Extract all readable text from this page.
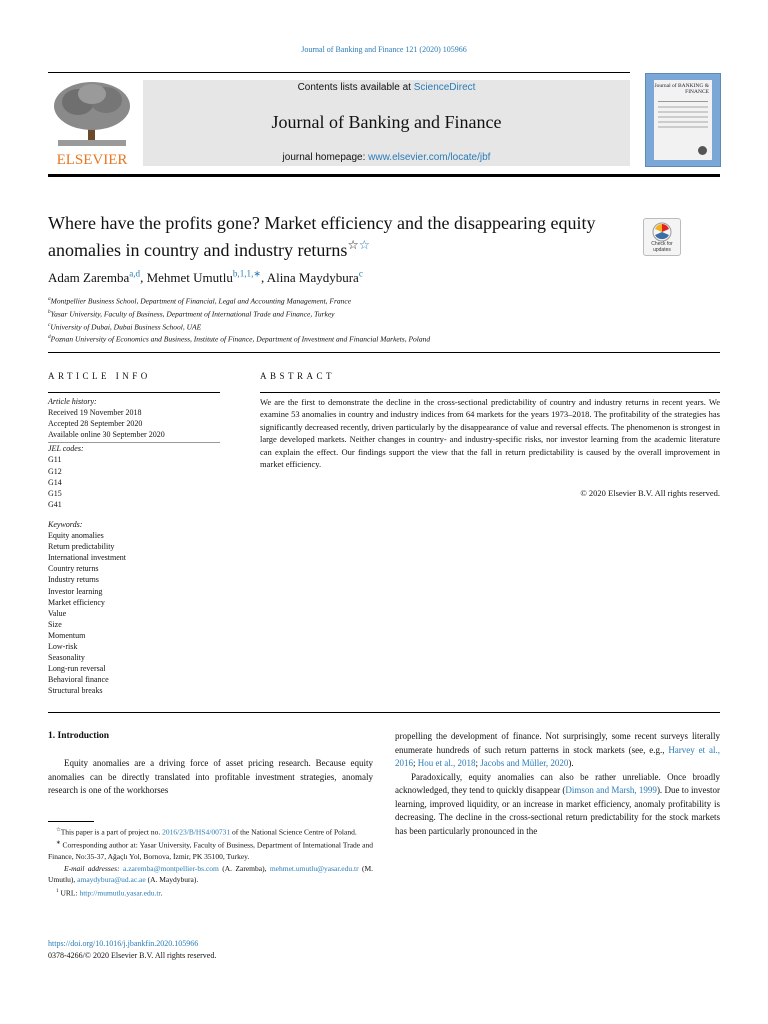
Journal of Banking and Finance 121 (2020) 105966
ELSEVIER
Contents lists available at ScienceDirect
Journal of Banking and Finance
journal homepage: www.elsevier.com/locate/jbf
Journal of BANKING & FINANCE
Where have the profits gone? Market efficiency and the disappearing equity anomalies in country and industry returns☆☆	Check for updates
Adam Zaremba$^{a,d}$, Mehmet Umutlu$^{b,1,1,∗}$, Alina Maydybura$^c$
$^a$Montpellier Business School, Department of Financial, Legal and Accounting Management, France
$^b$Yasar University, Faculty of Business, Department of International Trade and Finance, Turkey
$^c$University of Dubai, Dubai Business School, UAE
$^d$Poznan University of Economics and Business, Institute of Finance, Department of Investment and Financial Markets, Poland
ARTICLE INFO	ABSTRACT
Article history:
Received 19 November 2018
Accepted 28 September 2020
Available online 30 September 2020
JEL codes:
G11
G12
G14
G15
G41
Keywords:
Equity anomalies
Return predictability
International investment
Country returns
Industry returns
Investor learning
Market efficiency
Value
Size
Momentum
Low-risk
Seasonality
Long-run reversal
Behavioral finance
Structural breaks
We are the first to demonstrate the decline in the cross-sectional predictability of country and industry returns in recent years. We examine 53 anomalies in country and industry indices from 64 markets for the years 1973–2018. The profitability of the strategies has significantly decreased recently, driven particularly by the disappearance of value and reversal effects. The phenomenon is strongest in large developed markets. Neither changes in country- and industry-specific risks, nor investor learning from the academic literature can explain the effect. Our findings support the view that the fall in return predictability is caused by the overall improvement in market efficiency.
© 2020 Elsevier B.V. All rights reserved.
1. Introduction
Equity anomalies are a driving force of asset pricing research. Because equity anomalies can be directly translated into profitable investment strategies, anomaly research is one of the workhorses

propelling the development of finance. Not surprisingly, some recent surveys literally enumerate hundreds of such return patterns in stock markets (see, e.g., Harvey et al., 2016; Hou et al., 2018; Jacobs and Müller, 2020).

Paradoxically, equity anomalies can also be rather unreliable. Once broadly acknowledged, they tend to quickly disappear (Dimson and Marsh, 1999). Due to investor learning, improved liquidity, or an increase in market efficiency, anomaly profitability is decreasing. The decline in the cross-sectional return predictability for the stock markets has been particularly pronounced in the

☆This paper is a part of project no. 2016/23/B/HS4/00731 of the National Science Centre of Poland.

∗ Corresponding author at: Yasar University, Faculty of Business, Department of International Trade and Finance, No:35-37, Ağaçlı Yol, Bornova, İzmir, PK 35100, Turkey.

E-mail addresses: a.zaremba@montpellier-bs.com (A. Zaremba), mehmet.umutlu@yasar.edu.tr (M. Umutlu), amaydybura@ud.ac.ae (A. Maydybura).

$^1$ URL: http://mumutlu.yasar.edu.tr.

https://doi.org/10.1016/j.jbankfin.2020.105966
0378-4266/© 2020 Elsevier B.V. All rights reserved.
